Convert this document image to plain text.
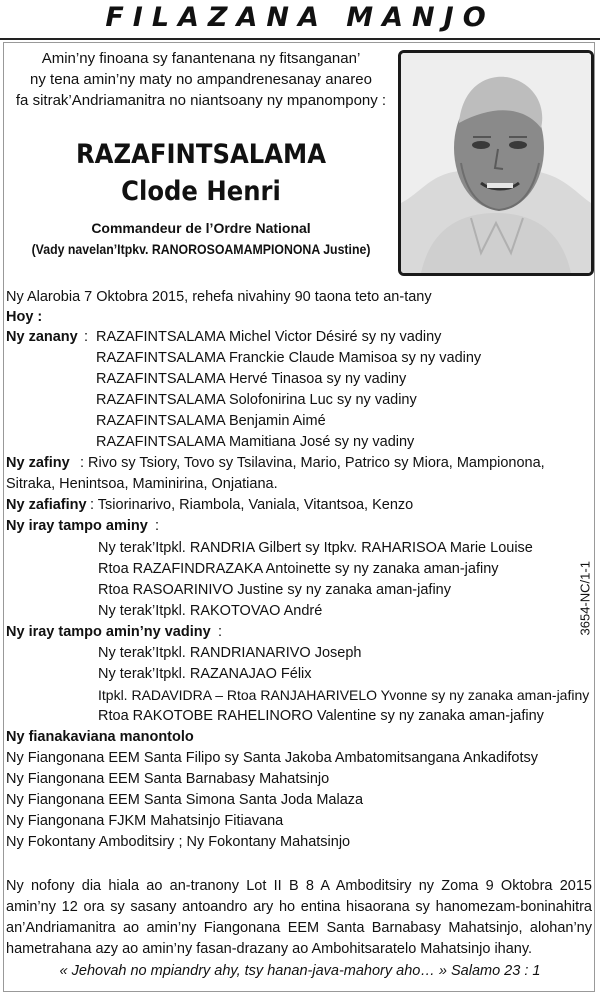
FILAZANA MANJO
Amin’ny finoana sy fanantenana ny fitsanganan’
ny tena amin’ny maty no ampandrenesanay anareo
fa sitrak’Andriamanitra no niantsoany ny mpanompony :
RAZAFINTSALAMA
Clode Henri
Commandeur de l’Ordre National
(Vady navelan’Itpkv. RANOROSOAMAMPIONONA Justine)
Ny Alarobia 7 Oktobra 2015, rehefa nivahiny 90 taona teto an-tany
Hoy :
Ny zanany : RAZAFINTSALAMA Michel Victor Désiré sy ny vadiny
RAZAFINTSALAMA Franckie Claude Mamisoa sy ny vadiny
RAZAFINTSALAMA Hervé Tinasoa sy ny vadiny
RAZAFINTSALAMA Solofonirina Luc sy ny vadiny
RAZAFINTSALAMA Benjamin Aimé
RAZAFINTSALAMA Mamitiana José sy ny vadiny
Ny zafiny : Rivo sy Tsiory, Tovo sy Tsilavina, Mario, Patrico sy Miora, Mampionona,
Sitraka, Henintsoa, Maminirina, Onjatiana.
Ny zafiafiny : Tsiorinarivo, Riambola, Vaniala, Vitantsoa, Kenzo
Ny iray tampo aminy :
Ny terak’Itpkl. RANDRIA Gilbert sy Itpkv. RAHARISOA Marie Louise
Rtoa RAZAFINDRAZAKA Antoinette sy ny zanaka aman-jafiny
Rtoa RASOARINIVO Justine sy ny zanaka aman-jafiny
Ny terak’Itpkl. RAKOTOVAO André
Ny iray tampo amin’ny vadiny :
Ny terak’Itpkl. RANDRIANARIVO Joseph
Ny terak’Itpkl. RAZANAJAO Félix
Itpkl. RADAVIDRA – Rtoa RANJAHARIVELO Yvonne sy ny zanaka aman-jafiny
Rtoa RAKOTOBE RAHELINORO Valentine sy ny zanaka aman-jafiny
Ny fianakaviana manontolo
Ny Fiangonana EEM Santa Filipo sy Santa Jakoba Ambatomitsangana Ankadifotsy
Ny Fiangonana EEM Santa Barnabasy Mahatsinjo
Ny Fiangonana EEM Santa Simona Santa Joda Malaza
Ny Fiangonana FJKM Mahatsinjo Fitiavana
Ny Fokontany Amboditsiry ; Ny Fokontany Mahatsinjo
Ny nofony dia hiala ao an-tranony Lot II B 8 A Amboditsiry ny Zoma 9 Oktobra 2015 amin’ny 12 ora sy sasany antoandro ary ho entina hisaorana sy hanomezam-boninahitra an’Andriamanitra ao amin’ny Fiangonana EEM Santa Barnabasy Mahatsinjo, alohan’ny hametrahana azy ao amin’ny fasan-drazany ao Ambohitsaratelo Mahatsinjo ihany.
« Jehovah no mpiandry ahy, tsy hanan-java-mahory aho… » Salamo 23 : 1
3654-NC/1-1
